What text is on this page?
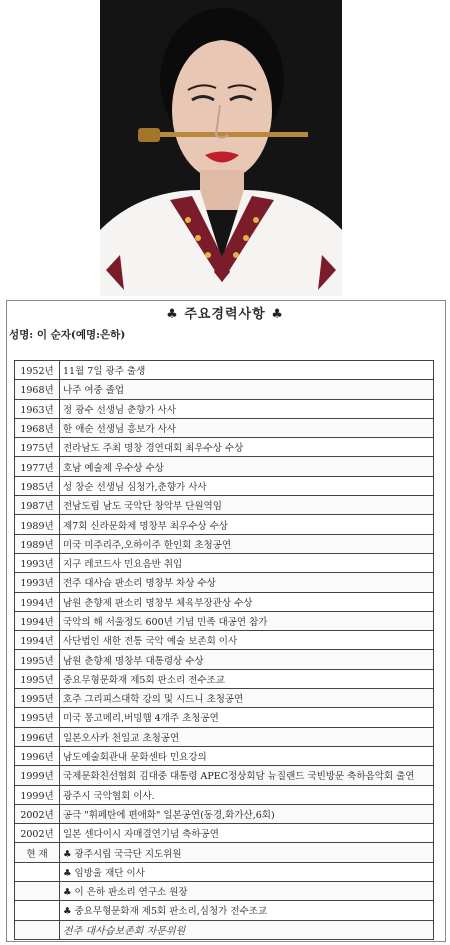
♣ 주요경력사항 ♣
성명: 이 순자(예명:은하)
1952년	11월 7일 광주 출생
1968년	나주 여중 졸업
1963년	정 광수 선생님 춘향가 사사
1968년	한 애순 선생님 흥보가 사사
1975년	전라남도 주최 명창 경연대회 최우수상 수상
1977년	호남 예술제 우수상 수상
1985년	성 창순 선생님 심청가,춘향가 사사
1987년	전남도립 남도 국악단 창악부 단원역임
1989년	제7회 신라문화제 명창부 최우수상 수상
1989년	미국 미주리주,오하이주 한인회 초청공연
1993년	지구 레코드사 민요음반 취입
1993년	전주 대사습 판소리 명창부 차상 수상
1994년	남원 춘향제 판소리 명창부 체육부장관상 수상
1994년	국악의 해 서울정도 600년 기념 민족 대공연 참가
1994년	사단법인 새한 전통 국악 예술 보존회 이사
1995년	남원 춘향제 명창부 대통령상 수상
1995년	중요무형문화재 제5회 판소리 전수조교
1995년	호주 그리피스대학 강의 및 시드니 초청공연
1995년	미국 몽고메리,버밍햄 4개주 초청공연
1996년	일본오사카 천일교 초청공연
1996년	남도예술회관내 문화센타 민요강의
1999년	국제문화친선협회 김대중 대통령 APEC정상회담 뉴질랜드 국빈방문 축하음악회 출연
1999년	광주시 국악협회 이사.
2002년	공극 "휘페탄에 편애화" 일본공연(동경,화가산,6회)
2002년	일본 센다이시 자매결연기념 축하공연
현 재	♣ 광주시립 국극단 지도위원
	♣ 임방울 재단 이사
	♣ 이 은하 판소리 연구소 원장
	♣ 중요무형문화재 제5회 판소리,심청가 전수조교
	전주 대사습보존회 자문위원
